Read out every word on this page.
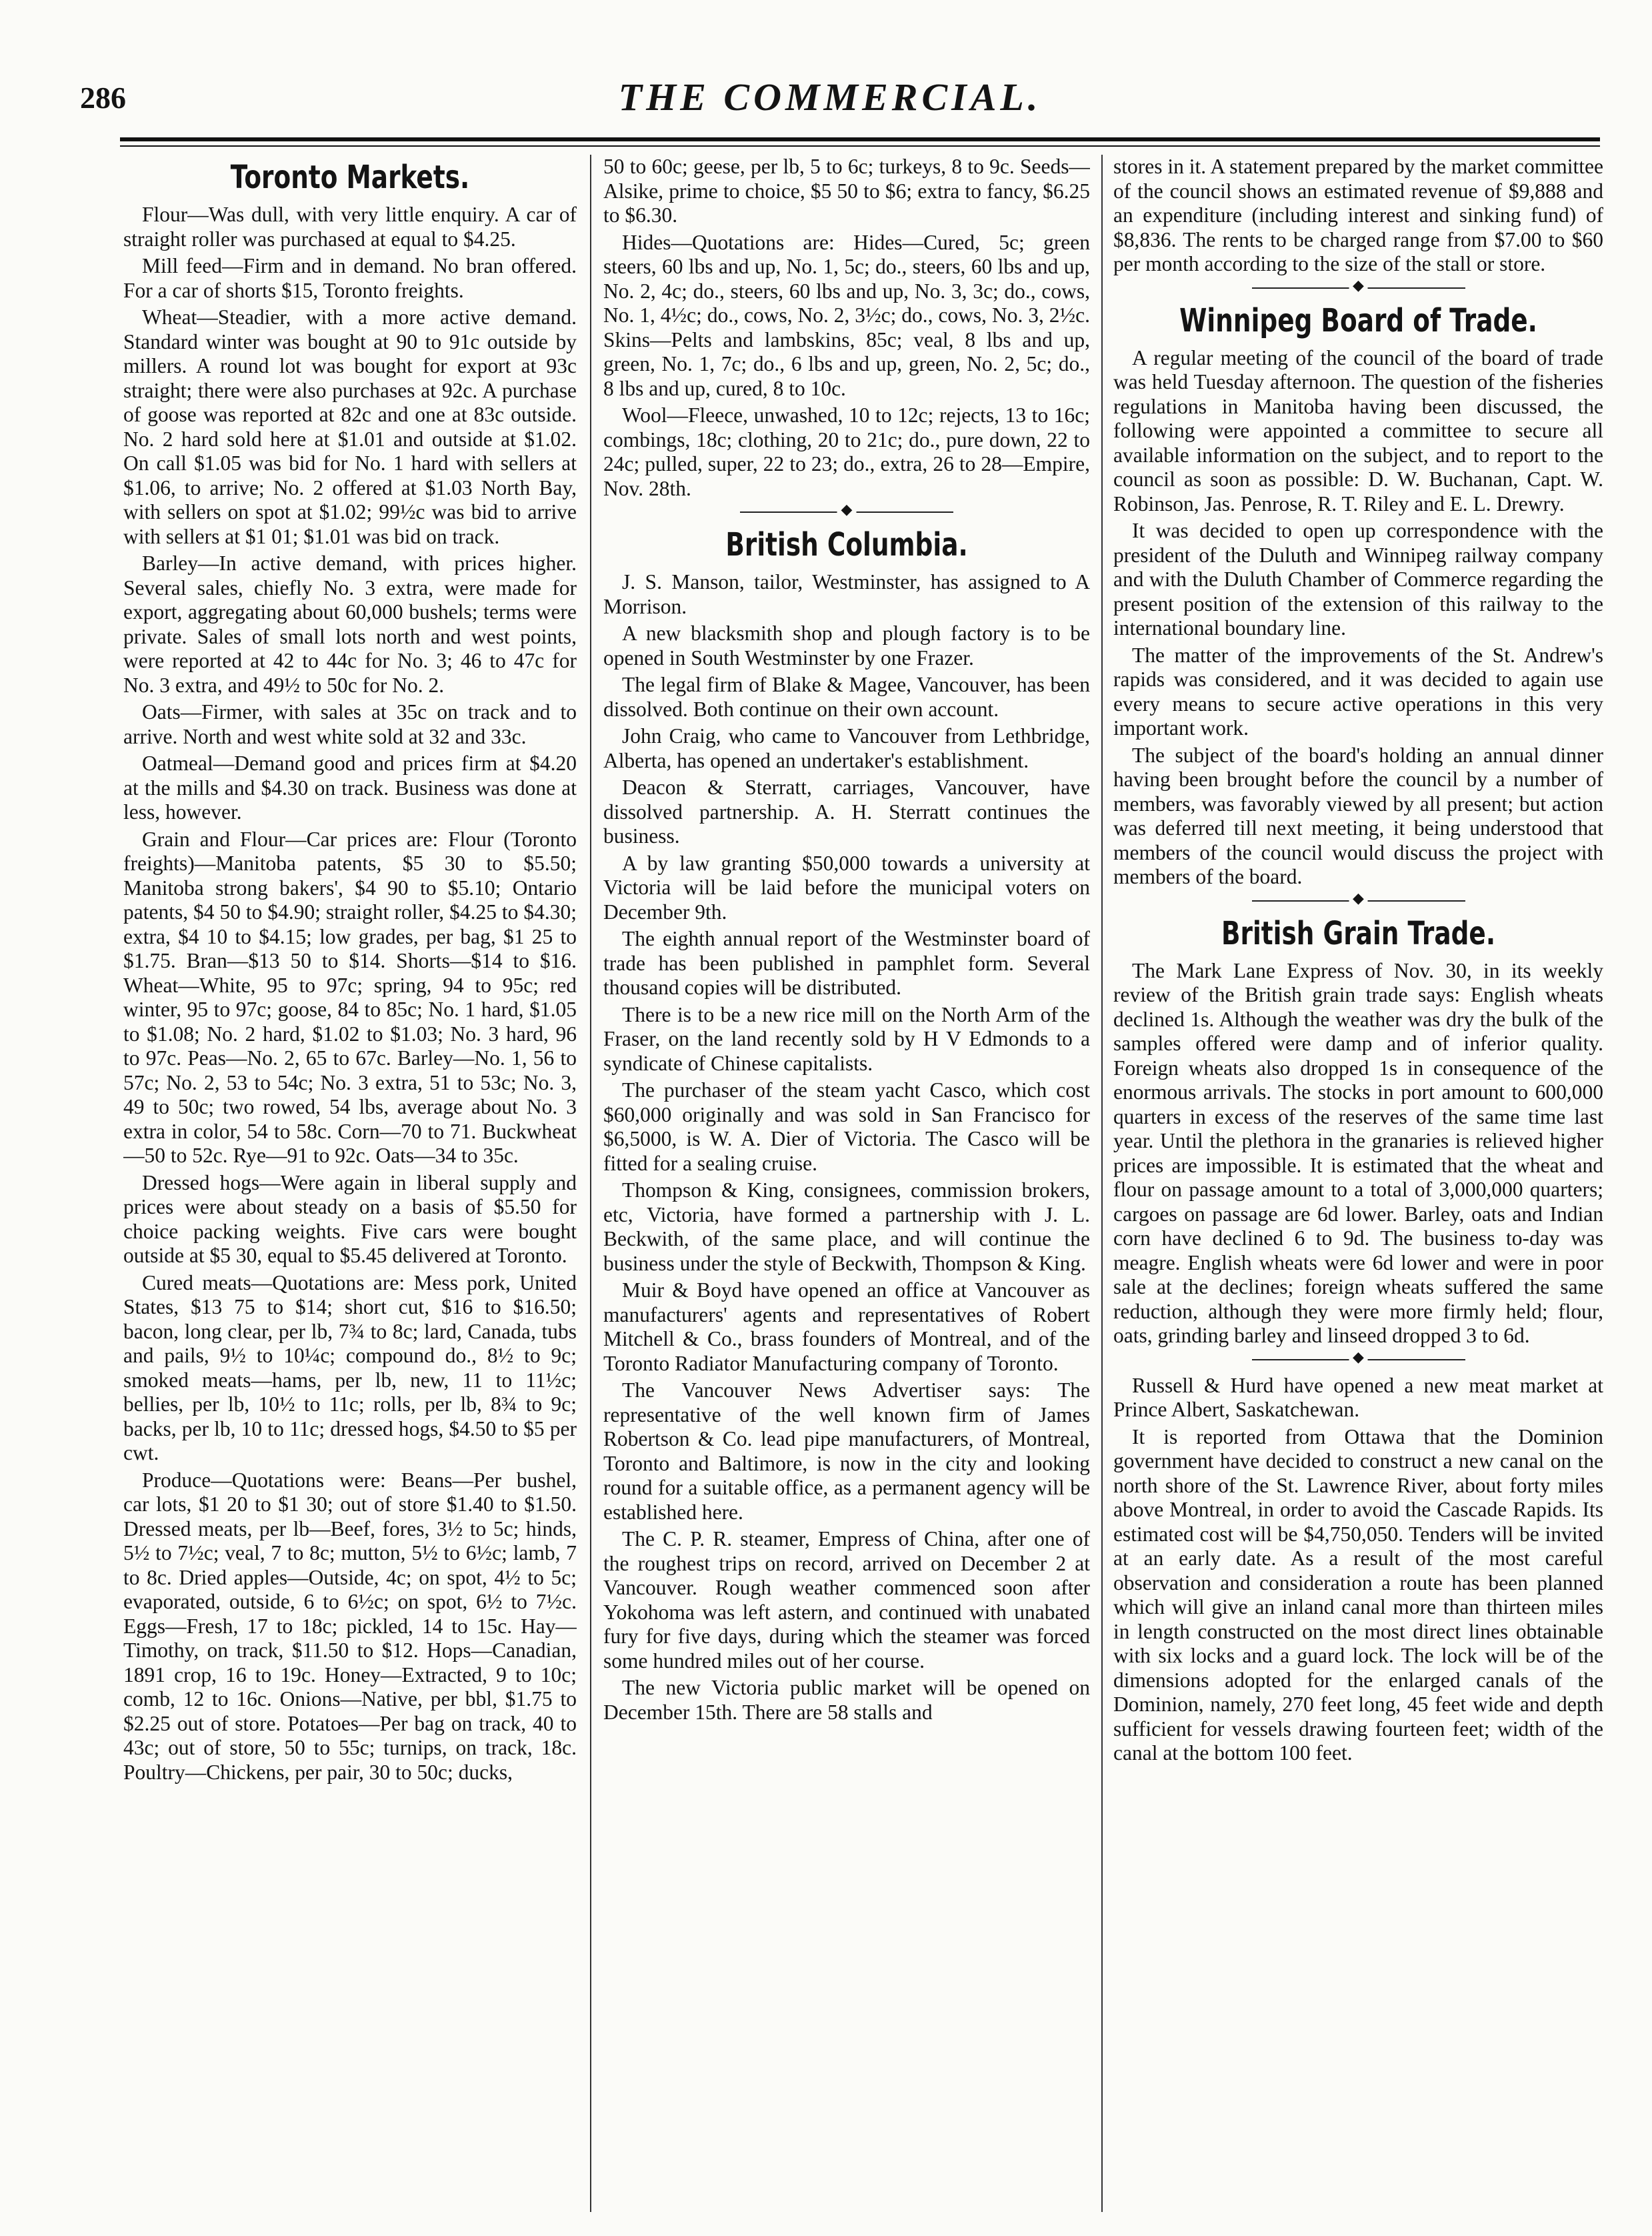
286	THE COMMERCIAL.
Toronto Markets.

Flour—Was dull, with very little enquiry. A car of straight roller was purchased at equal to $4.25.

Mill feed—Firm and in demand. No bran offered. For a car of shorts $15, Toronto freights.

Wheat—Steadier, with a more active demand. Standard winter was bought at 90 to 91c outside by millers. A round lot was bought for export at 93c straight; there were also purchases at 92c. A purchase of goose was reported at 82c and one at 83c outside. No. 2 hard sold here at $1.01 and outside at $1.02. On call $1.05 was bid for No. 1 hard with sellers at $1.06, to arrive; No. 2 offered at $1.03 North Bay, with sellers on spot at $1.02; 99½c was bid to arrive with sellers at $1 01; $1.01 was bid on track.

Barley—In active demand, with prices higher. Several sales, chiefly No. 3 extra, were made for export, aggregating about 60,000 bushels; terms were private. Sales of small lots north and west points, were reported at 42 to 44c for No. 3; 46 to 47c for No. 3 extra, and 49½ to 50c for No. 2.

Oats—Firmer, with sales at 35c on track and to arrive. North and west white sold at 32 and 33c.

Oatmeal—Demand good and prices firm at $4.20 at the mills and $4.30 on track. Business was done at less, however.

Grain and Flour—Car prices are: Flour (Toronto freights)—Manitoba patents, $5 30 to $5.50; Manitoba strong bakers', $4 90 to $5.10; Ontario patents, $4 50 to $4.90; straight roller, $4.25 to $4.30; extra, $4 10 to $4.15; low grades, per bag, $1 25 to $1.75. Bran—$13 50 to $14. Shorts—$14 to $16. Wheat—White, 95 to 97c; spring, 94 to 95c; red winter, 95 to 97c; goose, 84 to 85c; No. 1 hard, $1.05 to $1.08; No. 2 hard, $1.02 to $1.03; No. 3 hard, 96 to 97c. Peas—No. 2, 65 to 67c. Barley—No. 1, 56 to 57c; No. 2, 53 to 54c; No. 3 extra, 51 to 53c; No. 3, 49 to 50c; two rowed, 54 lbs, average about No. 3 extra in color, 54 to 58c. Corn—70 to 71. Buckwheat—50 to 52c. Rye—91 to 92c. Oats—34 to 35c.

Dressed hogs—Were again in liberal supply and prices were about steady on a basis of $5.50 for choice packing weights. Five cars were bought outside at $5 30, equal to $5.45 delivered at Toronto.

Cured meats—Quotations are: Mess pork, United States, $13 75 to $14; short cut, $16 to $16.50; bacon, long clear, per lb, 7¾ to 8c; lard, Canada, tubs and pails, 9½ to 10¼c; compound do., 8½ to 9c; smoked meats—hams, per lb, new, 11 to 11½c; bellies, per lb, 10½ to 11c; rolls, per lb, 8¾ to 9c; backs, per lb, 10 to 11c; dressed hogs, $4.50 to $5 per cwt.

Produce—Quotations were: Beans—Per bushel, car lots, $1 20 to $1 30; out of store $1.40 to $1.50. Dressed meats, per lb—Beef, fores, 3½ to 5c; hinds, 5½ to 7½c; veal, 7 to 8c; mutton, 5½ to 6½c; lamb, 7 to 8c. Dried apples—Outside, 4c; on spot, 4½ to 5c; evaporated, outside, 6 to 6½c; on spot, 6½ to 7½c. Eggs—Fresh, 17 to 18c; pickled, 14 to 15c. Hay—Timothy, on track, $11.50 to $12. Hops—Canadian, 1891 crop, 16 to 19c. Honey—Extracted, 9 to 10c; comb, 12 to 16c. Onions—Native, per bbl, $1.75 to $2.25 out of store. Potatoes—Per bag on track, 40 to 43c; out of store, 50 to 55c; turnips, on track, 18c. Poultry—Chickens, per pair, 30 to 50c; ducks,

50 to 60c; geese, per lb, 5 to 6c; turkeys, 8 to 9c. Seeds—Alsike, prime to choice, $5 50 to $6; extra to fancy, $6.25 to $6.30.

Hides—Quotations are: Hides—Cured, 5c; green steers, 60 lbs and up, No. 1, 5c; do., steers, 60 lbs and up, No. 2, 4c; do., steers, 60 lbs and up, No. 3, 3c; do., cows, No. 1, 4½c; do., cows, No. 2, 3½c; do., cows, No. 3, 2½c. Skins—Pelts and lambskins, 85c; veal, 8 lbs and up, green, No. 1, 7c; do., 6 lbs and up, green, No. 2, 5c; do., 8 lbs and up, cured, 8 to 10c.

Wool—Fleece, unwashed, 10 to 12c; rejects, 13 to 16c; combings, 18c; clothing, 20 to 21c; do., pure down, 22 to 24c; pulled, super, 22 to 23; do., extra, 26 to 28—Empire, Nov. 28th.

◆
British Columbia.

J. S. Manson, tailor, Westminster, has assigned to A Morrison.

A new blacksmith shop and plough factory is to be opened in South Westminster by one Frazer.

The legal firm of Blake & Magee, Vancouver, has been dissolved. Both continue on their own account.

John Craig, who came to Vancouver from Lethbridge, Alberta, has opened an undertaker's establishment.

Deacon & Sterratt, carriages, Vancouver, have dissolved partnership. A. H. Sterratt continues the business.

A by law granting $50,000 towards a university at Victoria will be laid before the municipal voters on December 9th.

The eighth annual report of the Westminster board of trade has been published in pamphlet form. Several thousand copies will be distributed.

There is to be a new rice mill on the North Arm of the Fraser, on the land recently sold by H V Edmonds to a syndicate of Chinese capitalists.

The purchaser of the steam yacht Casco, which cost $60,000 originally and was sold in San Francisco for $6,5000, is W. A. Dier of Victoria. The Casco will be fitted for a sealing cruise.

Thompson & King, consignees, commission brokers, etc, Victoria, have formed a partnership with J. L. Beckwith, of the same place, and will continue the business under the style of Beckwith, Thompson & King.

Muir & Boyd have opened an office at Vancouver as manufacturers' agents and representatives of Robert Mitchell & Co., brass founders of Montreal, and of the Toronto Radiator Manufacturing company of Toronto.

The Vancouver News Advertiser says: The representative of the well known firm of James Robertson & Co. lead pipe manufacturers, of Montreal, Toronto and Baltimore, is now in the city and looking round for a suitable office, as a permanent agency will be established here.

The C. P. R. steamer, Empress of China, after one of the roughest trips on record, arrived on December 2 at Vancouver. Rough weather commenced soon after Yokohoma was left astern, and continued with unabated fury for five days, during which the steamer was forced some hundred miles out of her course.

The new Victoria public market will be opened on December 15th. There are 58 stalls and

stores in it. A statement prepared by the market committee of the council shows an estimated revenue of $9,888 and an expenditure (including interest and sinking fund) of $8,836. The rents to be charged range from $7.00 to $60 per month according to the size of the stall or store.

◆
Winnipeg Board of Trade.

A regular meeting of the council of the board of trade was held Tuesday afternoon. The question of the fisheries regulations in Manitoba having been discussed, the following were appointed a committee to secure all available information on the subject, and to report to the council as soon as possible: D. W. Buchanan, Capt. W. Robinson, Jas. Penrose, R. T. Riley and E. L. Drewry.

It was decided to open up correspondence with the president of the Duluth and Winnipeg railway company and with the Duluth Chamber of Commerce regarding the present position of the extension of this railway to the international boundary line.

The matter of the improvements of the St. Andrew's rapids was considered, and it was decided to again use every means to secure active operations in this very important work.

The subject of the board's holding an annual dinner having been brought before the council by a number of members, was favorably viewed by all present; but action was deferred till next meeting, it being understood that members of the council would discuss the project with members of the board.

◆
British Grain Trade.

The Mark Lane Express of Nov. 30, in its weekly review of the British grain trade says: English wheats declined 1s. Although the weather was dry the bulk of the samples offered were damp and of inferior quality. Foreign wheats also dropped 1s in consequence of the enormous arrivals. The stocks in port amount to 600,000 quarters in excess of the reserves of the same time last year. Until the plethora in the granaries is relieved higher prices are impossible. It is estimated that the wheat and flour on passage amount to a total of 3,000,000 quarters; cargoes on passage are 6d lower. Barley, oats and Indian corn have declined 6 to 9d. The business to-day was meagre. English wheats were 6d lower and were in poor sale at the declines; foreign wheats suffered the same reduction, although they were more firmly held; flour, oats, grinding barley and linseed dropped 3 to 6d.

◆

Russell & Hurd have opened a new meat market at Prince Albert, Saskatchewan.

It is reported from Ottawa that the Dominion government have decided to construct a new canal on the north shore of the St. Lawrence River, about forty miles above Montreal, in order to avoid the Cascade Rapids. Its estimated cost will be $4,750,050. Tenders will be invited at an early date. As a result of the most careful observation and consideration a route has been planned which will give an inland canal more than thirteen miles in length constructed on the most direct lines obtainable with six locks and a guard lock. The lock will be of the dimensions adopted for the enlarged canals of the Dominion, namely, 270 feet long, 45 feet wide and depth sufficient for vessels drawing fourteen feet; width of the canal at the bottom 100 feet.
